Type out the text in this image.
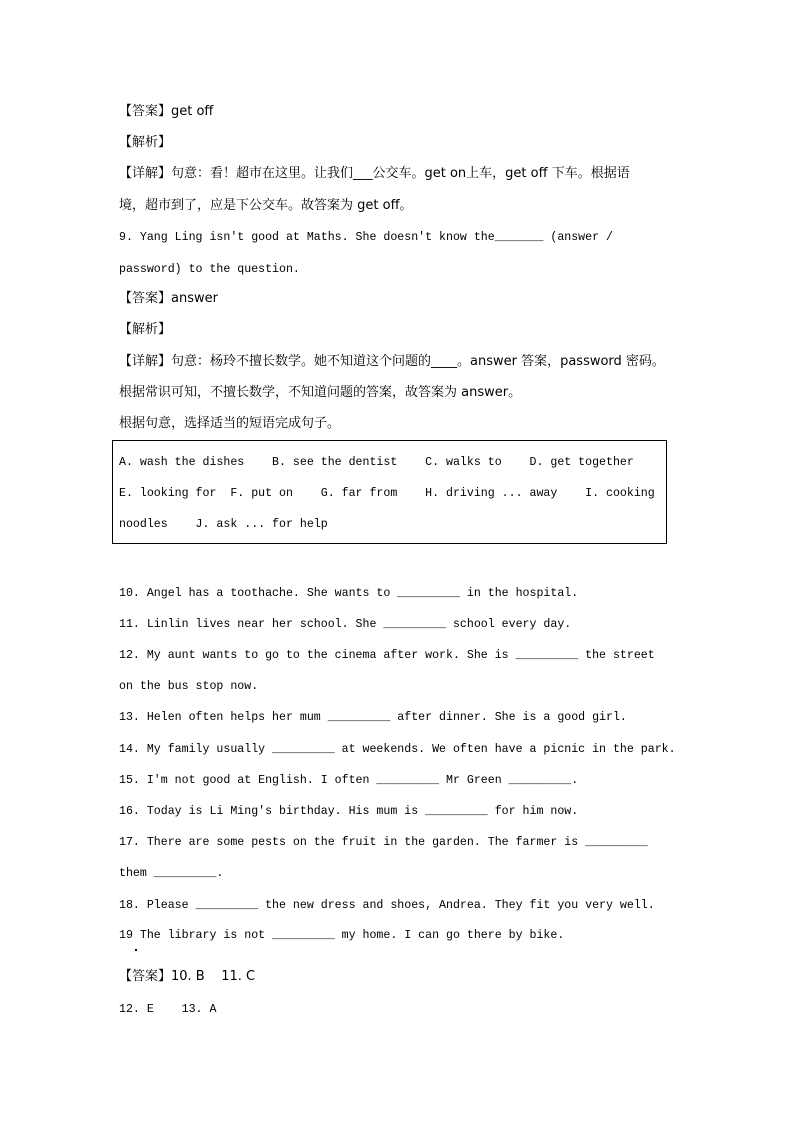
【答案】get off
【解析】
【详解】句意：看！超市在这里。让我们___公交车。get on上车，get off 下车。根据语
境，超市到了，应是下公交车。故答案为 get off。
9. Yang Ling isn't good at Maths. She doesn't know the_______ (answer /
password) to the question.
【答案】answer
【解析】
【详解】句意：杨玲不擅长数学。她不知道这个问题的____。answer 答案，password 密码。
根据常识可知，不擅长数学，不知道问题的答案，故答案为 answer。
根据句意，选择适当的短语完成句子。
A. wash the dishes    B. see the dentist    C. walks to    D. get together
E. looking for  F. put on    G. far from    H. driving ... away    I. cooking
noodles    J. ask ... for help
10. Angel has a toothache. She wants to _________ in the hospital.
11. Linlin lives near her school. She _________ school every day.
12. My aunt wants to go to the cinema after work. She is _________ the street
on the bus stop now.
13. Helen often helps her mum _________ after dinner. She is a good girl.
14. My family usually _________ at weekends. We often have a picnic in the park.
15. I'm not good at English. I often _________ Mr Green _________.
16. Today is Li Ming's birthday. His mum is _________ for him now.
17. There are some pests on the fruit in the garden. The farmer is _________
them _________.
18. Please _________ the new dress and shoes, Andrea. They fit you very well.
19 The library is not _________ my home. I can go there by bike.
【答案】10. B    11. C
12. E    13. A
